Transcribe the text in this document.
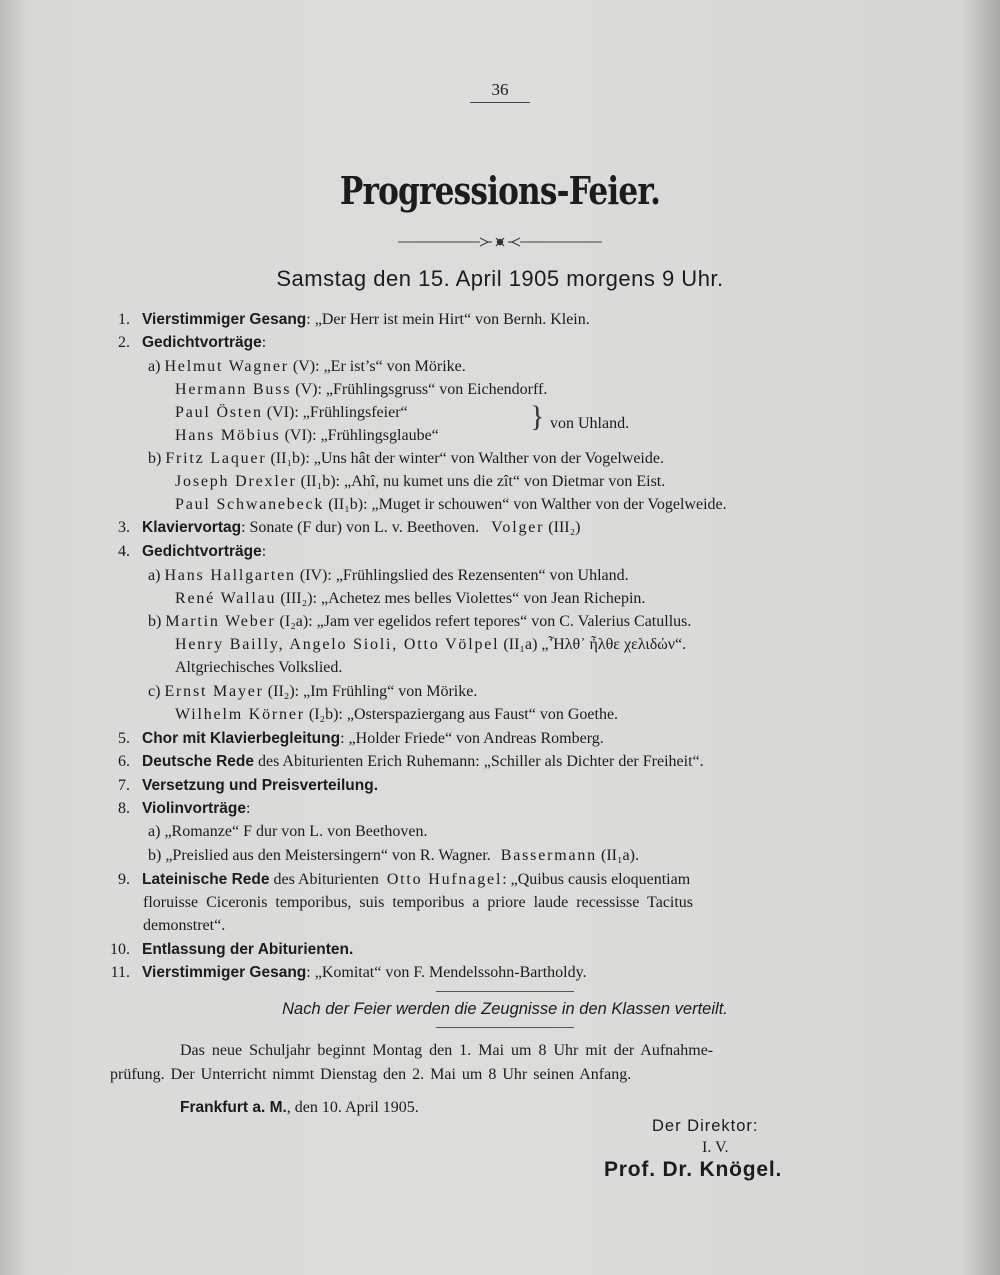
36
Progressions-Feier.
Samstag den 15. April 1905 morgens 9 Uhr.
1. Vierstimmiger Gesang: „Der Herr ist mein Hirt“ von Bernh. Klein.
2. Gedichtvorträge:
a) Helmut Wagner (V): „Er ist’s“ von Mörike.
Hermann Buss (V): „Frühlingsgruss“ von Eichendorff.
Paul Östen (VI): „Frühlingsfeier“
Hans Möbius (VI): „Frühlingsglaube“
} von Uhland.
b) Fritz Laquer (II₁b): „Uns hât der winter“ von Walther von der Vogelweide.
Joseph Drexler (II₁b): „Ahî, nu kumet uns die zît“ von Dietmar von Eist.
Paul Schwanebeck (II₁b): „Muget ir schouwen“ von Walther von der Vogelweide.
3. Klaviervortag: Sonate (F dur) von L. v. Beethoven. Volger (III₂)
4. Gedichtvorträge:
a) Hans Hallgarten (IV): „Frühlingslied des Rezensenten“ von Uhland.
René Wallau (III₂): „Achetez mes belles Violettes“ von Jean Richepin.
b) Martin Weber (I₂a): „Jam ver egelidos refert tepores“ von C. Valerius Catullus.
Henry Bailly, Angelo Sioli, Otto Völpel (II₁a) „Ἦλθ᾽ ἦλθε χελιδών“.
Altgriechisches Volkslied.
c) Ernst Mayer (II₂): „Im Frühling“ von Mörike.
Wilhelm Körner (I₂b): „Osterspaziergang aus Faust“ von Goethe.
5. Chor mit Klavierbegleitung: „Holder Friede“ von Andreas Romberg.
6. Deutsche Rede des Abiturienten Erich Ruhemann: „Schiller als Dichter der Freiheit“.
7. Versetzung und Preisverteilung.
8. Violinvorträge:
a) „Romanze“ F dur von L. von Beethoven.
b) „Preislied aus den Meistersingern“ von R. Wagner. Bassermann (II₁a).
9. Lateinische Rede des Abiturienten Otto Hufnagel: „Quibus causis eloquentiam
floruisse Ciceronis temporibus, suis temporibus a priore laude recessisse Tacitus
demonstret“.
10. Entlassung der Abiturienten.
11. Vierstimmiger Gesang: „Komitat“ von F. Mendelssohn-Bartholdy.
Nach der Feier werden die Zeugnisse in den Klassen verteilt.
Das neue Schuljahr beginnt Montag den 1. Mai um 8 Uhr mit der Aufnahme-
prüfung. Der Unterricht nimmt Dienstag den 2. Mai um 8 Uhr seinen Anfang.
Frankfurt a. M., den 10. April 1905.
Der Direktor:
I. V.
Prof. Dr. Knögel.
